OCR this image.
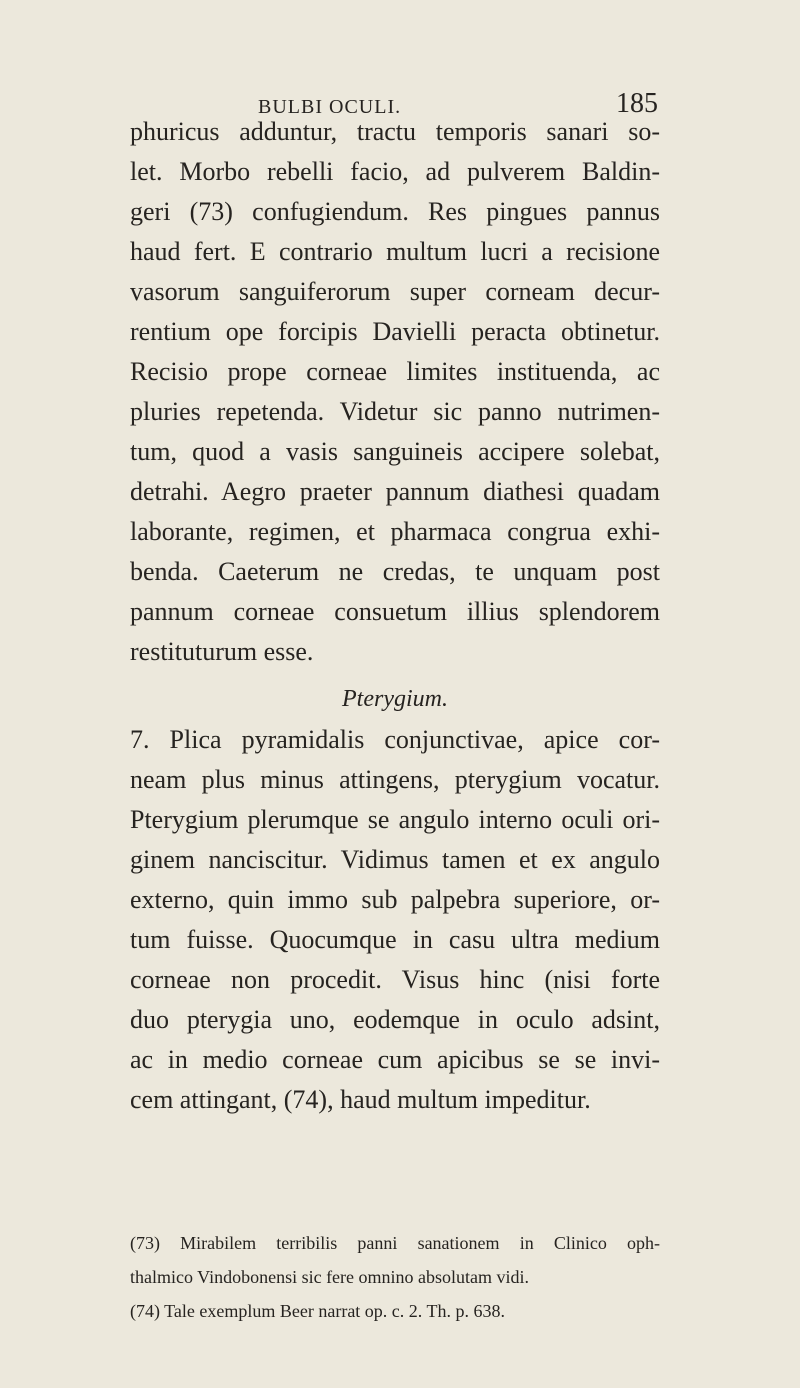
BULBI OCULI.	185
phuricus adduntur, tractu temporis sanari so-
let. Morbo rebelli facio, ad pulverem Baldin-
geri (73) confugiendum. Res pingues pannus
haud fert. E contrario multum lucri a recisione
vasorum sanguiferorum super corneam decur-
rentium ope forcipis Davielli peracta obtinetur.
Recisio prope corneae limites instituenda, ac
pluries repetenda. Videtur sic panno nutrimen-
tum, quod a vasis sanguineis accipere solebat,
detrahi. Aegro praeter pannum diathesi quadam
laborante, regimen, et pharmaca congrua exhi-
benda. Caeterum ne credas, te unquam post
pannum corneae consuetum illius splendorem
restituturum esse.
Pterygium.
7. Plica pyramidalis conjunctivae, apice cor-
neam plus minus attingens, pterygium vocatur.
Pterygium plerumque se angulo interno oculi ori-
ginem nanciscitur. Vidimus tamen et ex angulo
externo, quin immo sub palpebra superiore, or-
tum fuisse. Quocumque in casu ultra medium
corneae non procedit. Visus hinc (nisi forte
duo pterygia uno, eodemque in oculo adsint,
ac in medio corneae cum apicibus se se invi-
cem attingant, (74), haud multum impeditur.
(73) Mirabilem terribilis panni sanationem in Clinico oph-
thalmico Vindobonensi sic fere omnino absolutam vidi.
(74) Tale exemplum Beer narrat op. c. 2. Th. p. 638.
